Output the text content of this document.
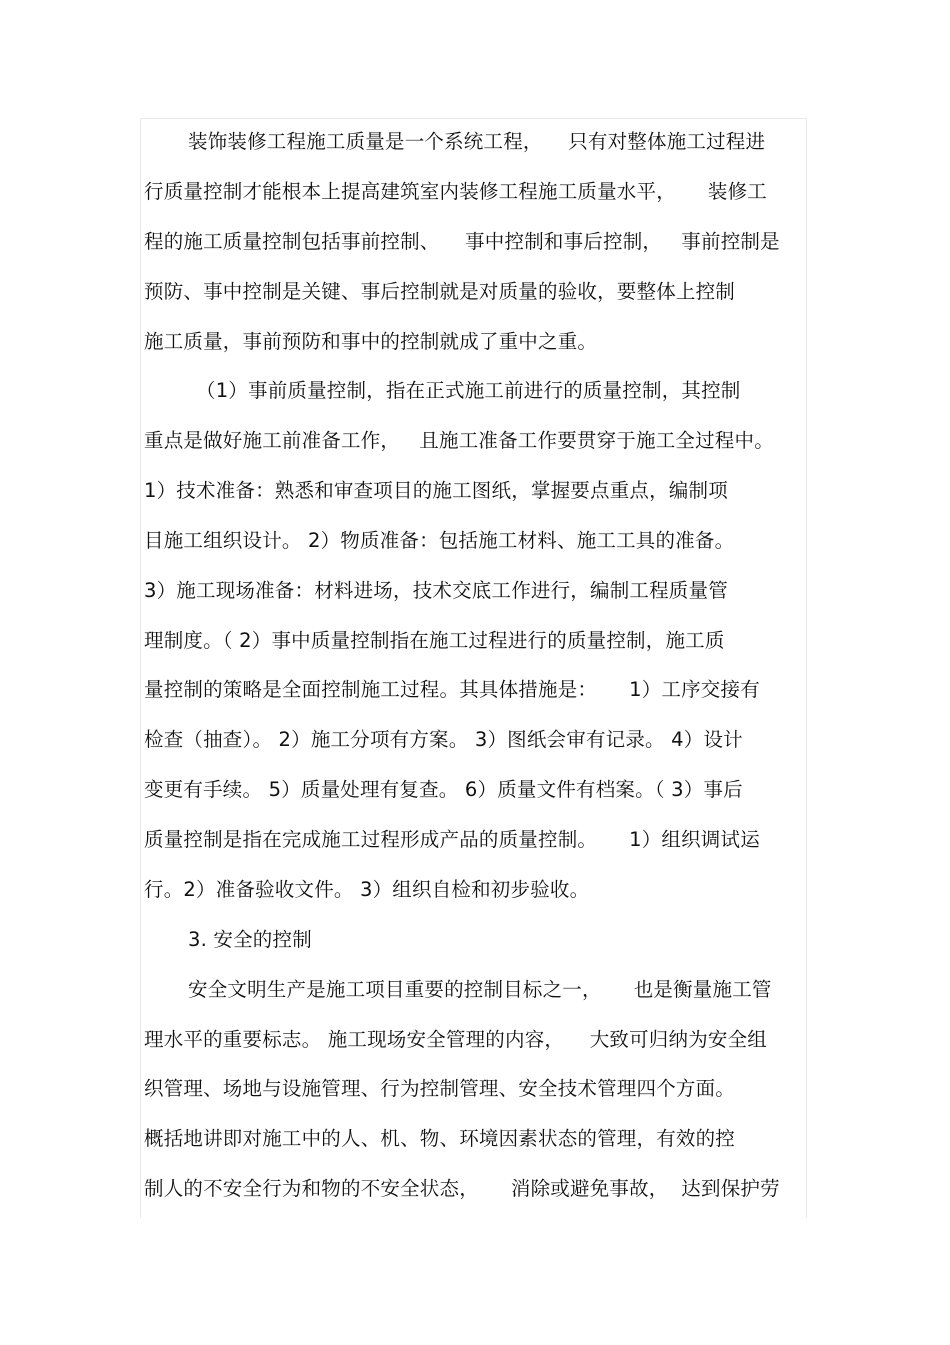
装饰装修工程施工质量是一个系统工程，    只有对整体施工过程进
行质量控制才能根本上提高建筑室内装修工程施工质量水平，     装修工
程的施工质量控制包括事前控制、    事中控制和事后控制，   事前控制是
预防、事中控制是关键、事后控制就是对质量的验收，要整体上控制
施工质量，事前预防和事中的控制就成了重中之重。
（1）事前质量控制，指在正式施工前进行的质量控制，其控制
重点是做好施工前准备工作，   且施工准备工作要贯穿于施工全过程中。
1）技术准备：熟悉和审查项目的施工图纸，掌握要点重点，编制项
目施工组织设计。 2）物质准备：包括施工材料、施工工具的准备。
3）施工现场准备：材料进场，技术交底工作进行，编制工程质量管
理制度。（ 2）事中质量控制指在施工过程进行的质量控制，施工质
量控制的策略是全面控制施工过程。其具体措施是：     1）工序交接有
检查（抽查）。 2）施工分项有方案。 3）图纸会审有记录。 4）设计
变更有手续。 5）质量处理有复查。 6）质量文件有档案。（ 3）事后
质量控制是指在完成施工过程形成产品的质量控制。     1）组织调试运
行。2）准备验收文件。 3）组织自检和初步验收。
3. 安全的控制
安全文明生产是施工项目重要的控制目标之一，     也是衡量施工管
理水平的重要标志。 施工现场安全管理的内容，    大致可归纳为安全组
织管理、场地与设施管理、行为控制管理、安全技术管理四个方面。
概括地讲即对施工中的人、机、物、环境因素状态的管理，有效的控
制人的不安全行为和物的不安全状态，     消除或避免事故，  达到保护劳
